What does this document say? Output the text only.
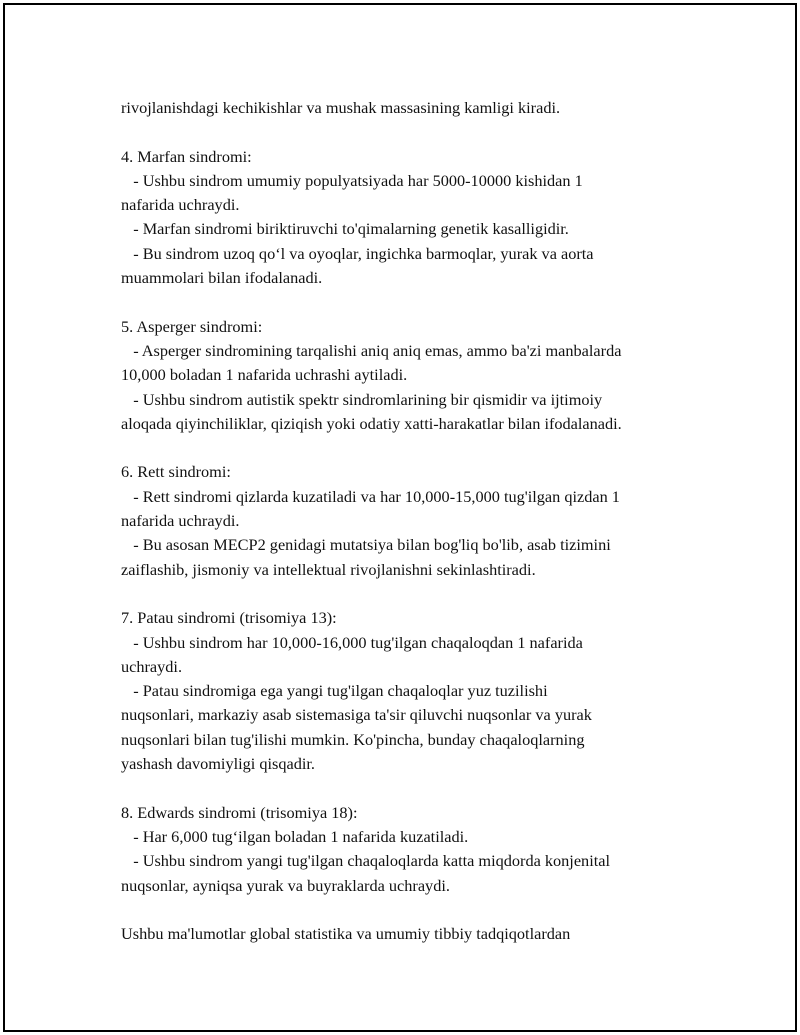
rivojlanishdagi kechikishlar va mushak massasining kamligi kiradi.

4. Marfan sindromi:
- Ushbu sindrom umumiy populyatsiyada har 5000-10000 kishidan 1
nafarida uchraydi.
- Marfan sindromi biriktiruvchi to'qimalarning genetik kasalligidir.
- Bu sindrom uzoq qo‘l va oyoqlar, ingichka barmoqlar, yurak va aorta
muammolari bilan ifodalanadi.

5. Asperger sindromi:
- Asperger sindromining tarqalishi aniq aniq emas, ammo ba'zi manbalarda
10,000 boladan 1 nafarida uchrashi aytiladi.
- Ushbu sindrom autistik spektr sindromlarining bir qismidir va ijtimoiy
aloqada qiyinchiliklar, qiziqish yoki odatiy xatti-harakatlar bilan ifodalanadi.

6. Rett sindromi:
- Rett sindromi qizlarda kuzatiladi va har 10,000-15,000 tug'ilgan qizdan 1
nafarida uchraydi.
- Bu asosan MECP2 genidagi mutatsiya bilan bog'liq bo'lib, asab tizimini
zaiflashib, jismoniy va intellektual rivojlanishni sekinlashtiradi.

7. Patau sindromi (trisomiya 13):
- Ushbu sindrom har 10,000-16,000 tug'ilgan chaqaloqdan 1 nafarida
uchraydi.
- Patau sindromiga ega yangi tug'ilgan chaqaloqlar yuz tuzilishi
nuqsonlari, markaziy asab sistemasiga ta'sir qiluvchi nuqsonlar va yurak
nuqsonlari bilan tug'ilishi mumkin. Ko'pincha, bunday chaqaloqlarning
yashash davomiyligi qisqadir.

8. Edwards sindromi (trisomiya 18):
- Har 6,000 tug‘ilgan boladan 1 nafarida kuzatiladi.
- Ushbu sindrom yangi tug'ilgan chaqaloqlarda katta miqdorda konjenital
nuqsonlar, ayniqsa yurak va buyraklarda uchraydi.

Ushbu ma'lumotlar global statistika va umumiy tibbiy tadqiqotlardan
